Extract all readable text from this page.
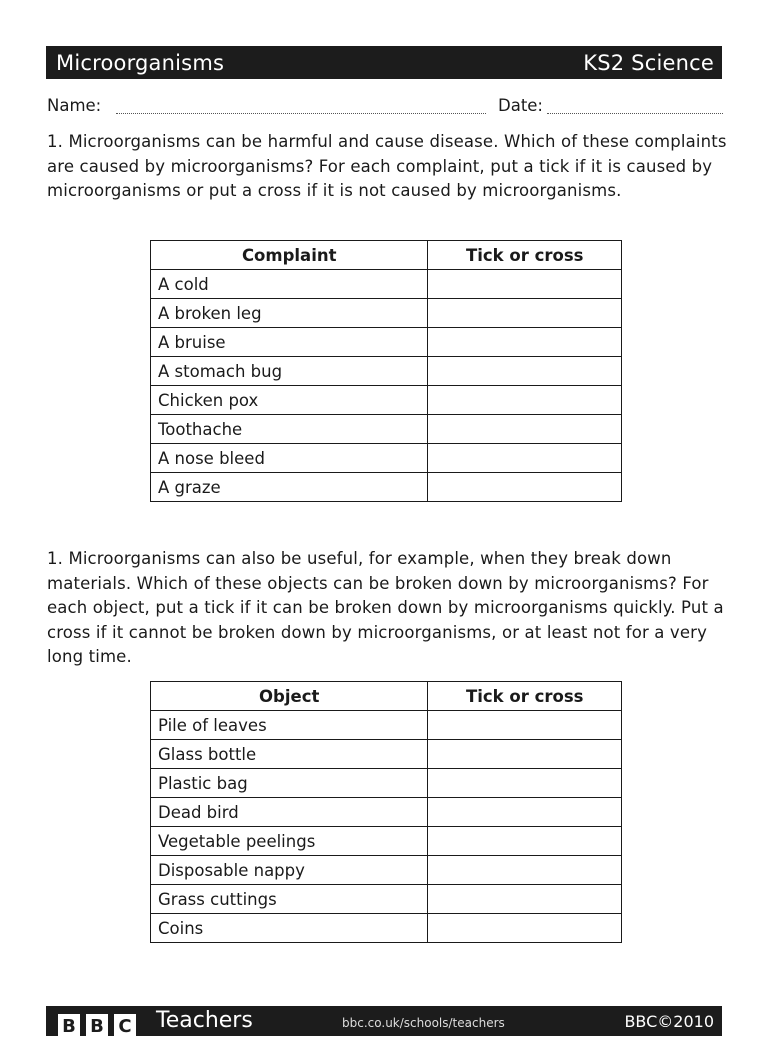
Microorganisms	KS2 Science
Name:	Date:
1. Microorganisms can be harmful and cause disease. Which of these complaints are caused by microorganisms? For each complaint, put a tick if it is caused by microorganisms or put a cross if it is not caused by microorganisms.
Complaint	Tick or cross
A cold	
A broken leg	
A bruise	
A stomach bug	
Chicken pox	
Toothache	
A nose bleed	
A graze	
1. Microorganisms can also be useful, for example, when they break down materials. Which of these objects can be broken down by microorganisms? For each object, put a tick if it can be broken down by microorganisms quickly. Put a cross if it cannot be broken down by microorganisms, or at least not for a very long time.
Object	Tick or cross
Pile of leaves	
Glass bottle	
Plastic bag	
Dead bird	
Vegetable peelings	
Disposable nappy	
Grass cuttings	
Coins	
B B C Teachers	bbc.co.uk/schools/teachers	BBC©2010
